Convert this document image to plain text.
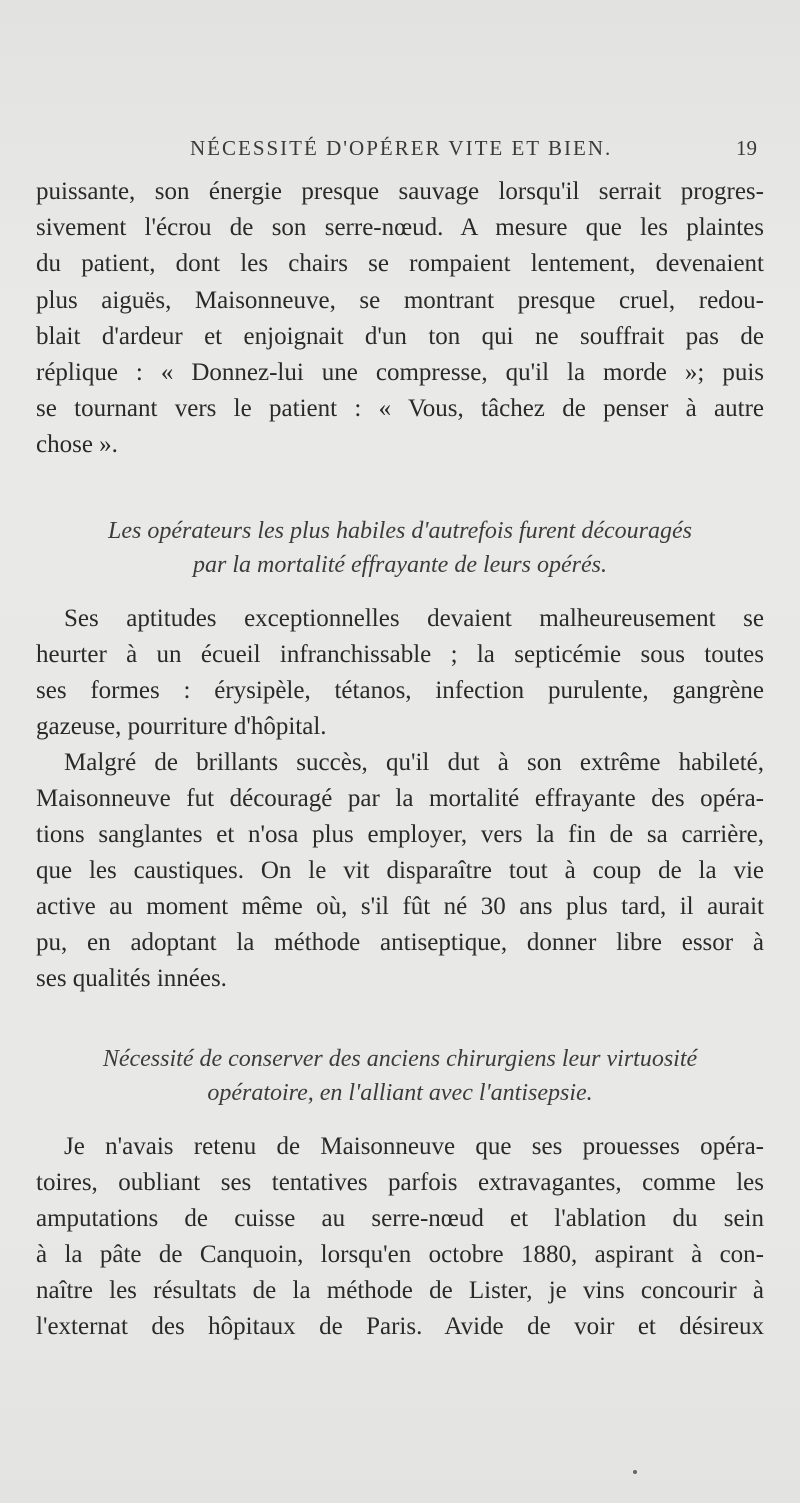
NÉCESSITÉ D'OPÉRER VITE ET BIEN.	19
puissante, son énergie presque sauvage lorsqu'il serrait progres-
sivement l'écrou de son serre-nœud. A mesure que les plaintes
du patient, dont les chairs se rompaient lentement, devenaient
plus aiguës, Maisonneuve, se montrant presque cruel, redou-
blait d'ardeur et enjoignait d'un ton qui ne souffrait pas de
réplique : « Donnez-lui une compresse, qu'il la morde »; puis
se tournant vers le patient : « Vous, tâchez de penser à autre
chose ».
Les opérateurs les plus habiles d'autrefois furent découragés
par la mortalité effrayante de leurs opérés.
Ses aptitudes exceptionnelles devaient malheureusement se
heurter à un écueil infranchissable ; la septicémie sous toutes
ses formes : érysipèle, tétanos, infection purulente, gangrène
gazeuse, pourriture d'hôpital.
Malgré de brillants succès, qu'il dut à son extrême habileté,
Maisonneuve fut découragé par la mortalité effrayante des opéra-
tions sanglantes et n'osa plus employer, vers la fin de sa carrière,
que les caustiques. On le vit disparaître tout à coup de la vie
active au moment même où, s'il fût né 30 ans plus tard, il aurait
pu, en adoptant la méthode antiseptique, donner libre essor à
ses qualités innées.
Nécessité de conserver des anciens chirurgiens leur virtuosité
opératoire, en l'alliant avec l'antisepsie.
Je n'avais retenu de Maisonneuve que ses prouesses opéra-
toires, oubliant ses tentatives parfois extravagantes, comme les
amputations de cuisse au serre-nœud et l'ablation du sein
à la pâte de Canquoin, lorsqu'en octobre 1880, aspirant à con-
naître les résultats de la méthode de Lister, je vins concourir à
l'externat des hôpitaux de Paris. Avide de voir et désireux
